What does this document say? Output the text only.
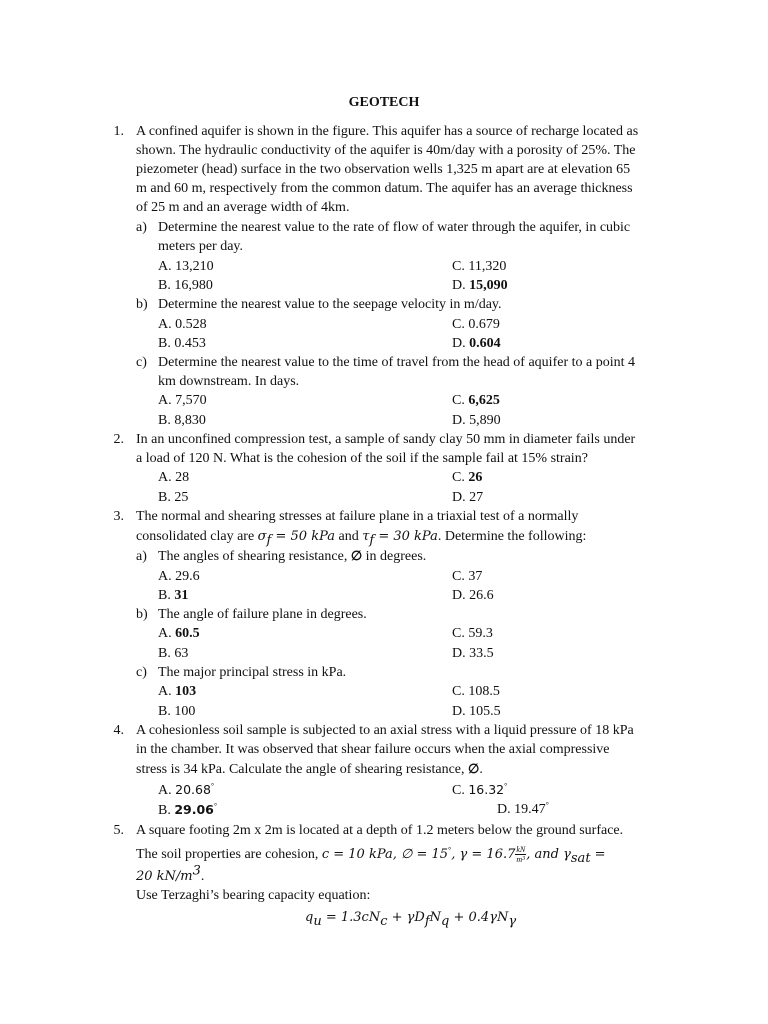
GEOTECH
1. A confined aquifer is shown in the figure. This aquifer has a source of recharge located as
shown. The hydraulic conductivity of the aquifer is 40m/day with a porosity of 25%. The
piezometer (head) surface in the two observation wells 1,325 m apart are at elevation 65
m and 60 m, respectively from the common datum. The aquifer has an average thickness
of 25 m and an average width of 4km.
a) Determine the nearest value to the rate of flow of water through the aquifer, in cubic
meters per day.
A. 13,210	C. 11,320
B. 16,980	D. 15,090
b) Determine the nearest value to the seepage velocity in m/day.
A. 0.528	C. 0.679
B. 0.453	D. 0.604
c) Determine the nearest value to the time of travel from the head of aquifer to a point 4
km downstream. In days.
A. 7,570	C. 6,625
B. 8,830	D. 5,890
2. In an unconfined compression test, a sample of sandy clay 50 mm in diameter fails under
a load of 120 N. What is the cohesion of the soil if the sample fail at 15% strain?
A. 28	C. 26
B. 25	D. 27
3. The normal and shearing stresses at failure plane in a triaxial test of a normally
consolidated clay are $\sigma_f = 50$ kPa and $\tau_f = 30$ kPa. Determine the following:
a) The angles of shearing resistance, ∅ in degrees.
A. 29.6	C. 37
B. 31	D. 26.6
b) The angle of failure plane in degrees.
A. 60.5	C. 59.3
B. 63	D. 33.5
c) The major principal stress in kPa.
A. 103	C. 108.5
B. 100	D. 105.5
4. A cohesionless soil sample is subjected to an axial stress with a liquid pressure of 18 kPa
in the chamber. It was observed that shear failure occurs when the axial compressive
stress is 34 kPa. Calculate the angle of shearing resistance, ∅.
A. 20.68°	C. 16.32°
B. 29.06°	D. 19.47°
5. A square footing 2m x 2m is located at a depth of 1.2 meters below the ground surface.
The soil properties are cohesion, c = 10 kPa, ∅ = 15°, $\gamma = 16.7 \frac{kN}{m^3}$ , and $\gamma_{sat}$ =
20 $kN/m^3$.
Use Terzaghi’s bearing capacity equation:
$q_u = 1.3cN_c + \gamma D_fN_q + 0.4\gamma N_\gamma$
